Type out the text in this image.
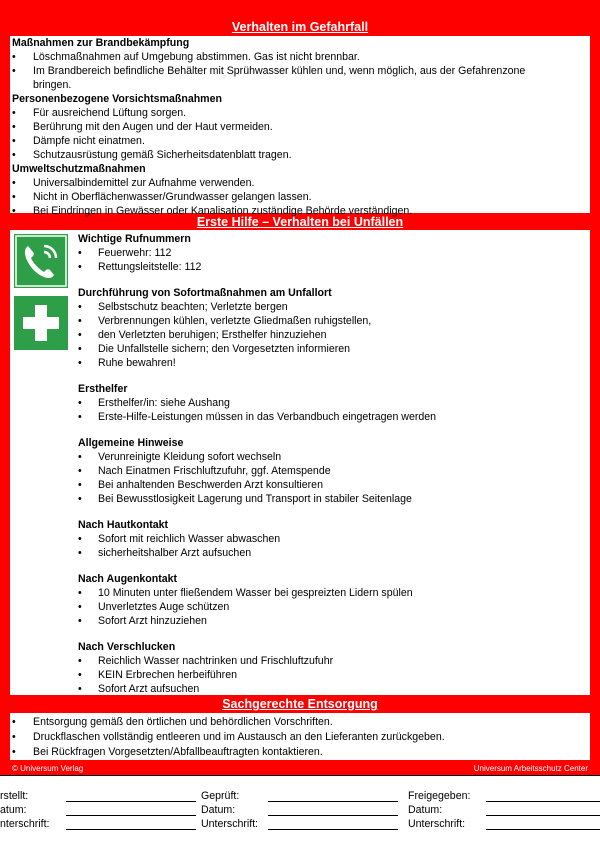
Verhalten im Gefahrfall
Maßnahmen zur Brandbekämpfung
• Löschmaßnahmen auf Umgebung abstimmen. Gas ist nicht brennbar.
• Im Brandbereich befindliche Behälter mit Sprühwasser kühlen und, wenn möglich, aus der Gefahrenzone
bringen.
Personenbezogene Vorsichtsmaßnahmen
• Für ausreichend Lüftung sorgen.
• Berührung mit den Augen und der Haut vermeiden.
• Dämpfe nicht einatmen.
• Schutzausrüstung gemäß Sicherheitsdatenblatt tragen.
Umweltschutzmaßnahmen
• Universalbindemittel zur Aufnahme verwenden.
• Nicht in Oberflächenwasser/Grundwasser gelangen lassen.
• Bei Eindringen in Gewässer oder Kanalisation zuständige Behörde verständigen.
Erste Hilfe – Verhalten bei Unfällen
Wichtige Rufnummern
• Feuerwehr: 112
• Rettungsleitstelle: 112
Durchführung von Sofortmaßnahmen am Unfallort
• Selbstschutz beachten; Verletzte bergen
• Verbrennungen kühlen, verletzte Gliedmaßen ruhigstellen,
• den Verletzten beruhigen; Ersthelfer hinzuziehen
• Die Unfallstelle sichern; den Vorgesetzten informieren
• Ruhe bewahren!
Ersthelfer
• Ersthelfer/in: siehe Aushang
• Erste-Hilfe-Leistungen müssen in das Verbandbuch eingetragen werden
Allgemeine Hinweise
• Verunreinigte Kleidung sofort wechseln
• Nach Einatmen Frischluftzufuhr, ggf. Atemspende
• Bei anhaltenden Beschwerden Arzt konsultieren
• Bei Bewusstlosigkeit Lagerung und Transport in stabiler Seitenlage
Nach Hautkontakt
• Sofort mit reichlich Wasser abwaschen
• sicherheitshalber Arzt aufsuchen
Nach Augenkontakt
• 10 Minuten unter fließendem Wasser bei gespreizten Lidern spülen
• Unverletztes Auge schützen
• Sofort Arzt hinzuziehen
Nach Verschlucken
• Reichlich Wasser nachtrinken und Frischluftzufuhr
• KEIN Erbrechen herbeiführen
• Sofort Arzt aufsuchen
Sachgerechte Entsorgung
• Entsorgung gemäß den örtlichen und behördlichen Vorschriften.
• Druckflaschen vollständig entleeren und im Austausch an den Lieferanten zurückgeben.
• Bei Rückfragen Vorgesetzten/Abfallbeauftragten kontaktieren.
© Universum Verlag	Universum Arbeitsschutz Center
rstellt:
atum:
nterschrift:
Geprüft:
Datum:
Unterschrift:
Freigegeben:
Datum:
Unterschrift:
